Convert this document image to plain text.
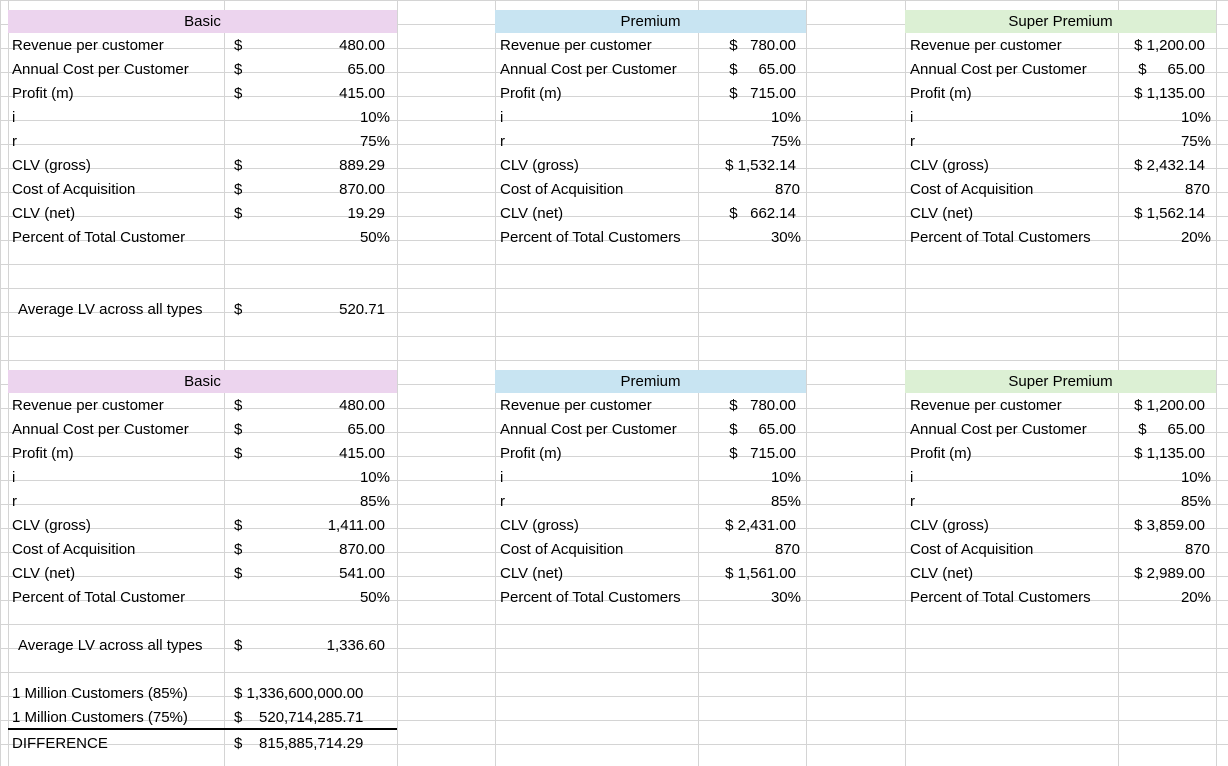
Basic	Premium	Super Premium
Revenue per customer	$	480.00
Annual Cost per Customer	$	65.00
Profit (m)	$	415.00
i	10%
r	75%
CLV (gross)	$	889.29
Cost of Acquisition	$	870.00
CLV (net)	$	19.29
Percent of Total Customer	50%
Revenue per customer	$   780.00
Annual Cost per Customer	$     65.00
Profit (m)	$   715.00
i	10%
r	75%
CLV (gross)	$ 1,532.14
Cost of Acquisition	870
CLV (net)	$   662.14
Percent of Total Customers	30%
Revenue per customer	$ 1,200.00
Annual Cost per Customer	$     65.00
Profit (m)	$ 1,135.00
i	10%
r	75%
CLV (gross)	$ 2,432.14
Cost of Acquisition	870
CLV (net)	$ 1,562.14
Percent of Total Customers	20%
Average LV across all types $	520.71
Basic	Premium	Super Premium
Revenue per customer	$	480.00
Annual Cost per Customer	$	65.00
Profit (m)	$	415.00
i	10%
r	85%
CLV (gross)	$	1,411.00
Cost of Acquisition	$	870.00
CLV (net)	$	541.00
Percent of Total Customer	50%
Revenue per customer	$   780.00
Annual Cost per Customer	$     65.00
Profit (m)	$   715.00
i	10%
r	85%
CLV (gross)	$ 2,431.00
Cost of Acquisition	870
CLV (net)	$ 1,561.00
Percent of Total Customers	30%
Revenue per customer	$ 1,200.00
Annual Cost per Customer	$     65.00
Profit (m)	$ 1,135.00
i	10%
r	85%
CLV (gross)	$ 3,859.00
Cost of Acquisition	870
CLV (net)	$ 2,989.00
Percent of Total Customers	20%
Average LV across all types $	1,336.60
1 Million Customers (85%)	$ 1,336,600,000.00
1 Million Customers (75%)	$    520,714,285.71
DIFFERENCE	$    815,885,714.29
